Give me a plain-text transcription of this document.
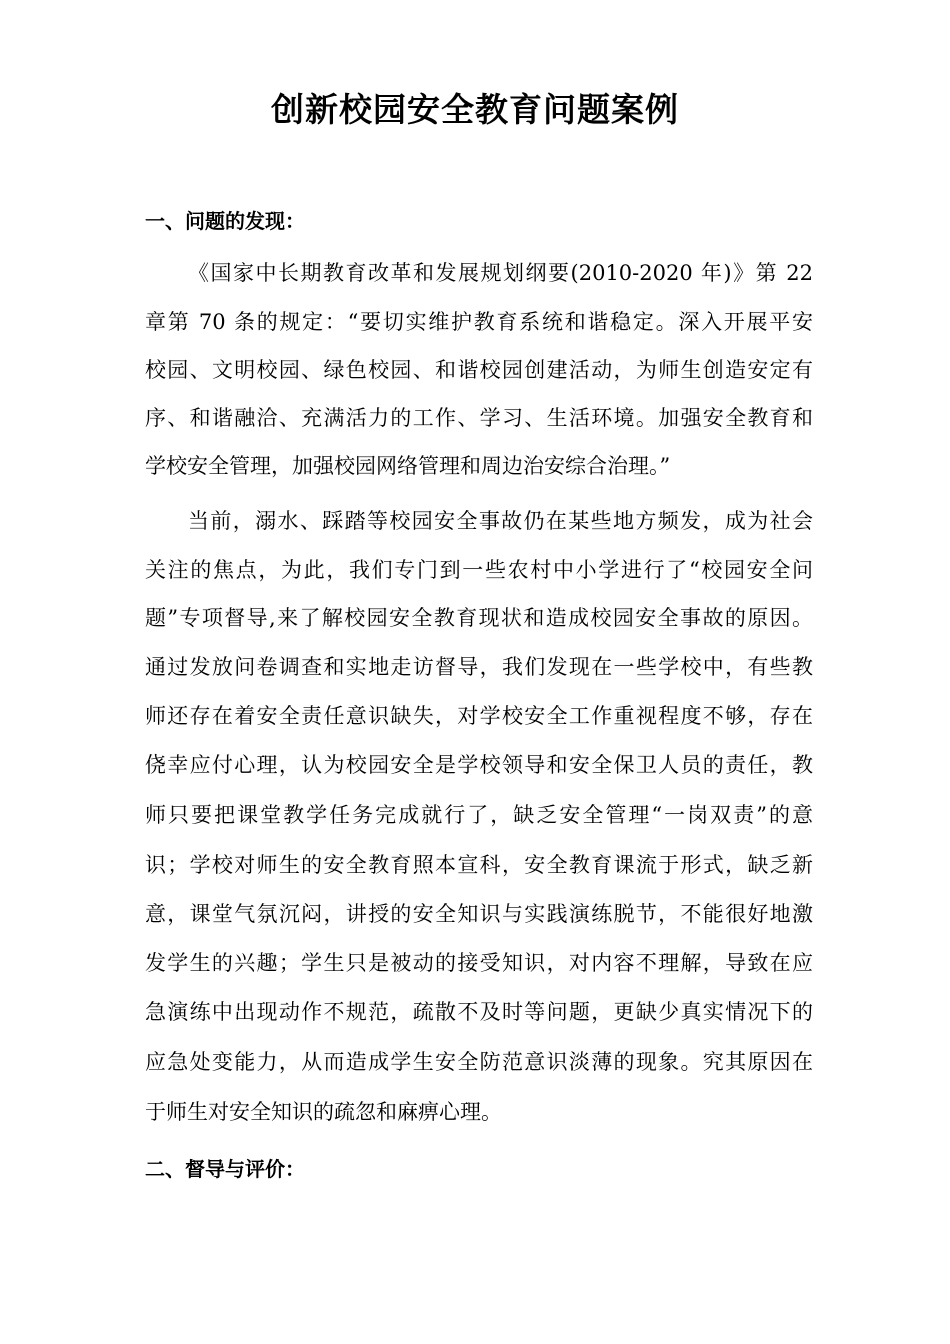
创新校园安全教育问题案例

一、问题的发现：

《国家中长期教育改革和发展规划纲要(2010-2020 年)》第 22

章第 70 条的规定：“要切实维护教育系统和谐稳定。深入开展平安

校园、文明校园、绿色校园、和谐校园创建活动，为师生创造安定有

序、和谐融洽、充满活力的工作、学习、生活环境。加强安全教育和

学校安全管理，加强校园网络管理和周边治安综合治理。”

当前，溺水、踩踏等校园安全事故仍在某些地方频发，成为社会

关注的焦点，为此，我们专门到一些农村中小学进行了“校园安全问

题”专项督导,来了解校园安全教育现状和造成校园安全事故的原因。

通过发放问卷调查和实地走访督导，我们发现在一些学校中，有些教

师还存在着安全责任意识缺失，对学校安全工作重视程度不够，存在

侥幸应付心理，认为校园安全是学校领导和安全保卫人员的责任，教

师只要把课堂教学任务完成就行了，缺乏安全管理“一岗双责”的意

识；学校对师生的安全教育照本宣科，安全教育课流于形式，缺乏新

意，课堂气氛沉闷，讲授的安全知识与实践演练脱节，不能很好地激

发学生的兴趣；学生只是被动的接受知识，对内容不理解，导致在应

急演练中出现动作不规范，疏散不及时等问题，更缺少真实情况下的

应急处变能力，从而造成学生安全防范意识淡薄的现象。究其原因在

于师生对安全知识的疏忽和麻痹心理。

二、督导与评价：
